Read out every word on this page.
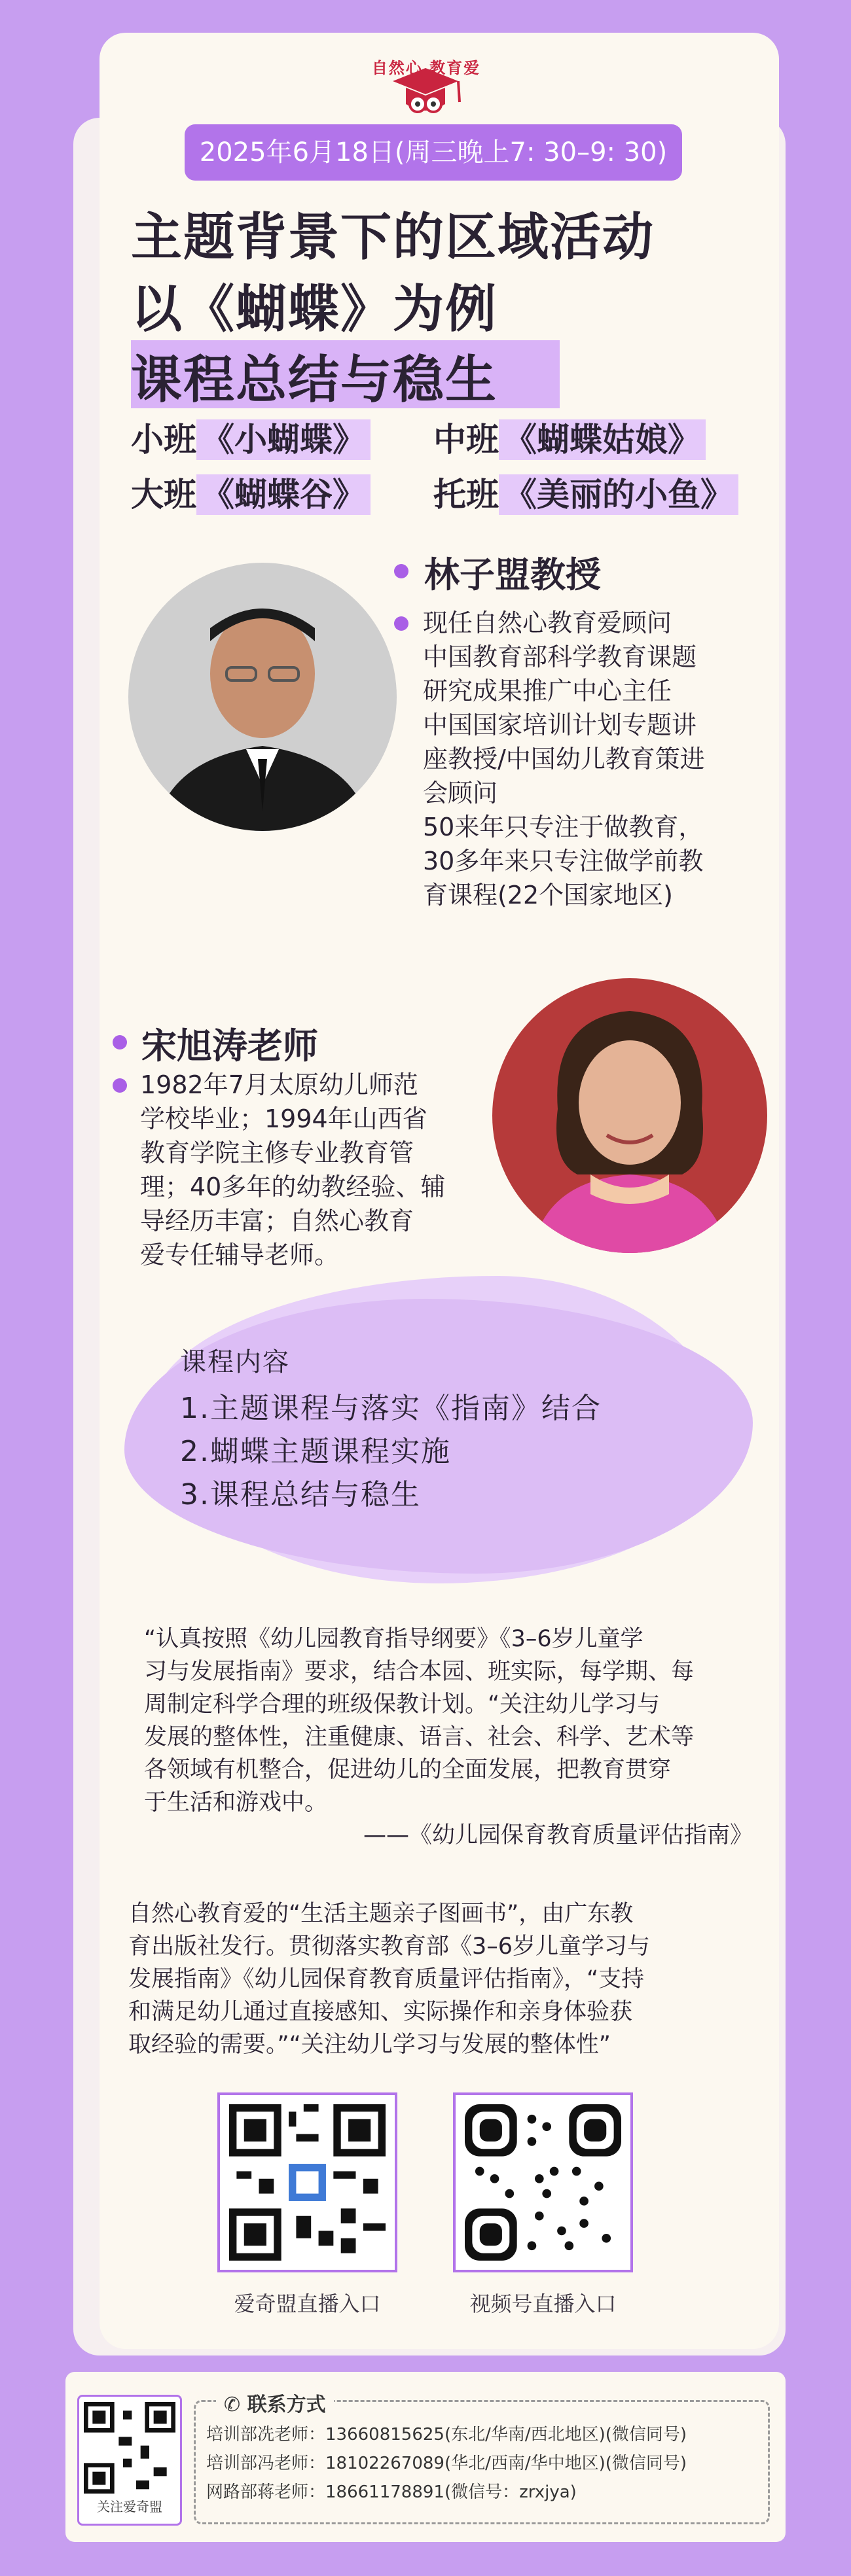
自然心 教育爱
2025年6月18日(周三晚上7: 30–9: 30)
主题背景下的区域活动
以《蝴蝶》为例
课程总结与稳生
小班 《小蝴蝶》 中班 《蝴蝶姑娘》
大班 《蝴蝶谷》 托班 《美丽的小鱼》
林子盟教授
现任自然心教育爱顾问
中国教育部科学教育课题
研究成果推广中心主任
中国国家培训计划专题讲
座教授/中国幼儿教育策进
会顾问
50来年只专注于做教育，
30多年来只专注做学前教
育课程(22个国家地区)
宋旭涛老师
1982年7月太原幼儿师范
学校毕业；1994年山西省
教育学院主修专业教育管
理；40多年的幼教经验、辅
导经历丰富；自然心教育
爱专任辅导老师。
课程内容
1.主题课程与落实《指南》结合
2.蝴蝶主题课程实施
3.课程总结与稳生
“认真按照《幼儿园教育指导纲要》《3–6岁儿童学
习与发展指南》要求，结合本园、班实际，每学期、每
周制定科学合理的班级保教计划。“关注幼儿学习与
发展的整体性，注重健康、语言、社会、科学、艺术等
各领域有机整合，促进幼儿的全面发展，把教育贯穿
于生活和游戏中。
——《幼儿园保育教育质量评估指南》
自然心教育爱的“生活主题亲子图画书”，由广东教
育出版社发行。贯彻落实教育部《3–6岁儿童学习与
发展指南》《幼儿园保育教育质量评估指南》，“支持
和满足幼儿通过直接感知、实际操作和亲身体验获
取经验的需要。”“关注幼儿学习与发展的整体性”
爱奇盟直播入口	视频号直播入口
关注爱奇盟
✆ 联系方式
培训部冼老师：13660815625(东北/华南/西北地区)(微信同号)
培训部冯老师：18102267089(华北/西南/华中地区)(微信同号)
网路部蒋老师：18661178891(微信号：zrxjya)
